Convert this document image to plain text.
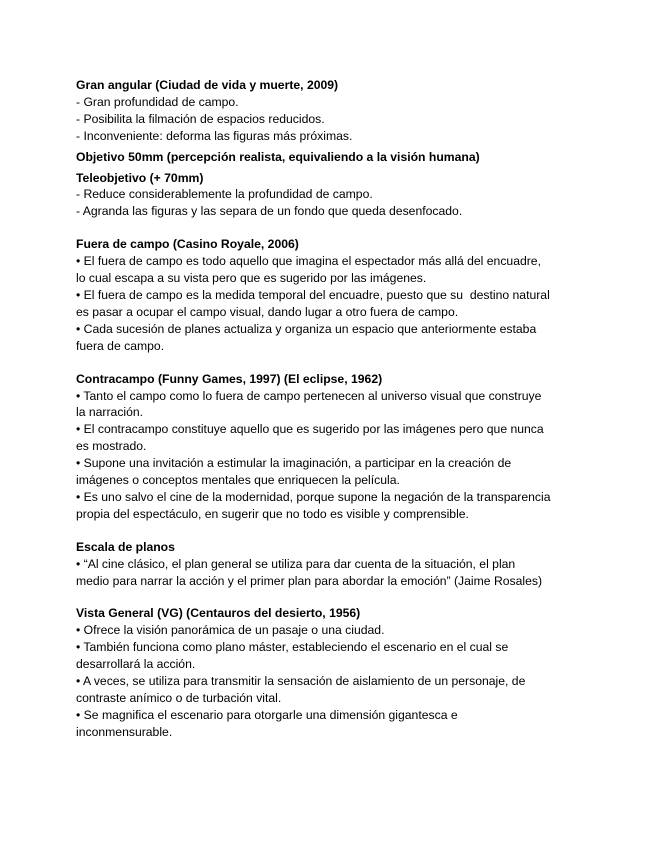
Gran angular (Ciudad de vida y muerte, 2009)

- Gran profundidad de campo.

- Posibilita la filmación de espacios reducidos.

- Inconveniente: deforma las figuras más próximas.

Objetivo 50mm (percepción realista, equivaliendo a la visión humana)

Teleobjetivo (+ 70mm)

- Reduce considerablemente la profundidad de campo.

- Agranda las figuras y las separa de un fondo que queda desenfocado.

Fuera de campo (Casino Royale, 2006)

• El fuera de campo es todo aquello que imagina el espectador más allá del encuadre,

lo cual escapa a su vista pero que es sugerido por las imágenes.

• El fuera de campo es la medida temporal del encuadre, puesto que su  destino natural

es pasar a ocupar el campo visual, dando lugar a otro fuera de campo.

• Cada sucesión de planes actualiza y organiza un espacio que anteriormente estaba

fuera de campo.

Contracampo (Funny Games, 1997) (El eclipse, 1962)

• Tanto el campo como lo fuera de campo pertenecen al universo visual que construye

la narración.

• El contracampo constituye aquello que es sugerido por las imágenes pero que nunca

es mostrado.

• Supone una invitación a estimular la imaginación, a participar en la creación de

imágenes o conceptos mentales que enriquecen la película.

• Es uno salvo el cine de la modernidad, porque supone la negación de la transparencia

propia del espectáculo, en sugerir que no todo es visible y comprensible.

Escala de planos

• “Al cine clásico, el plan general se utiliza para dar cuenta de la situación, el plan

medio para narrar la acción y el primer plan para abordar la emoción” (Jaime Rosales)

Vista General (VG) (Centauros del desierto, 1956)

• Ofrece la visión panorámica de un pasaje o una ciudad.

• También funciona como plano máster, estableciendo el escenario en el cual se

desarrollará la acción.

• A veces, se utiliza para transmitir la sensación de aislamiento de un personaje, de

contraste anímico o de turbación vital.

• Se magnifica el escenario para otorgarle una dimensión gigantesca e

inconmensurable.
